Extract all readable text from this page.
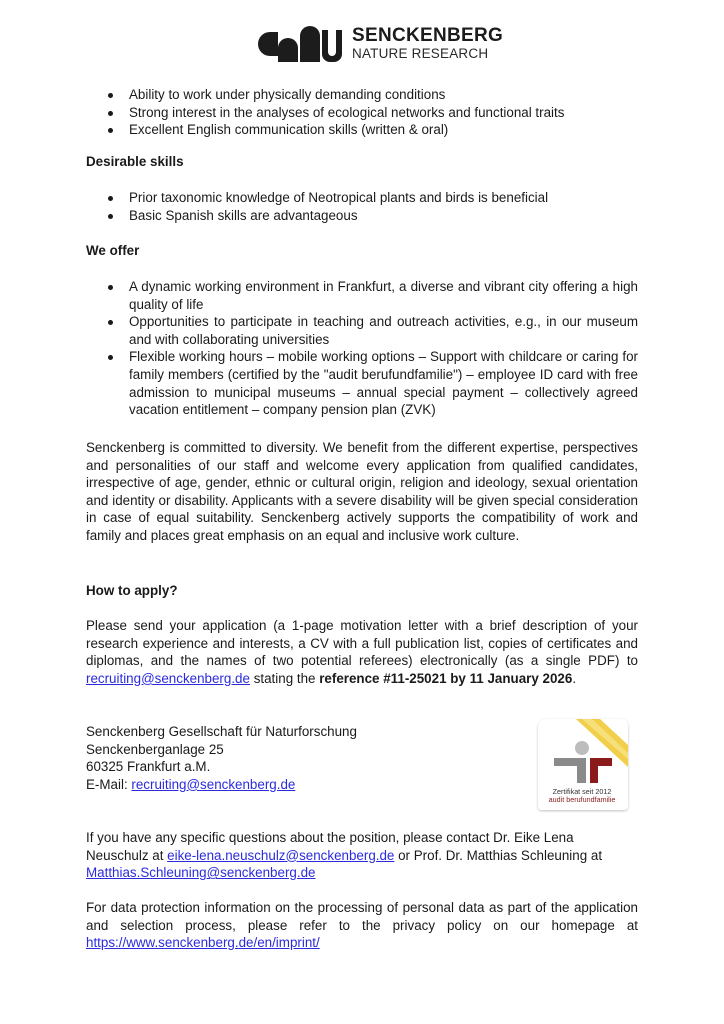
SENCKENBERG
NATURE RESEARCH
Ability to work under physically demanding conditions
Strong interest in the analyses of ecological networks and functional traits
Excellent English communication skills (written & oral)
Desirable skills
Prior taxonomic knowledge of Neotropical plants and birds is beneficial
Basic Spanish skills are advantageous
We offer
A dynamic working environment in Frankfurt, a diverse and vibrant city offering a high quality of life
Opportunities to participate in teaching and outreach activities, e.g., in our museum and with collaborating universities
Flexible working hours – mobile working options – Support with childcare or caring for family members (certified by the "audit berufundfamilie") – employee ID card with free admission to municipal museums – annual special payment – collectively agreed vacation entitlement – company pension plan (ZVK)
Senckenberg is committed to diversity. We benefit from the different expertise, perspectives and personalities of our staff and welcome every application from qualified candidates, irrespective of age, gender, ethnic or cultural origin, religion and ideology, sexual orientation and identity or disability. Applicants with a severe disability will be given special consideration in case of equal suitability. Senckenberg actively supports the compatibility of work and family and places great emphasis on an equal and inclusive work culture.
How to apply?
Please send your application (a 1-page motivation letter with a brief description of your research experience and interests, a CV with a full publication list, copies of certificates and diplomas, and the names of two potential referees) electronically (as a single PDF) to recruiting@senckenberg.de stating the reference #11-25021 by 11 January 2026.
Senckenberg Gesellschaft für Naturforschung
Senckenberganlage 25
60325 Frankfurt a.M.
E-Mail: recruiting@senckenberg.de	Zertifikat seit 2012
audit berufundfamilie
If you have any specific questions about the position, please contact Dr. Eike Lena Neuschulz at eike-lena.neuschulz@senckenberg.de or Prof. Dr. Matthias Schleuning at Matthias.Schleuning@senckenberg.de
For data protection information on the processing of personal data as part of the application and selection process, please refer to the privacy policy on our homepage at https://www.senckenberg.de/en/imprint/
